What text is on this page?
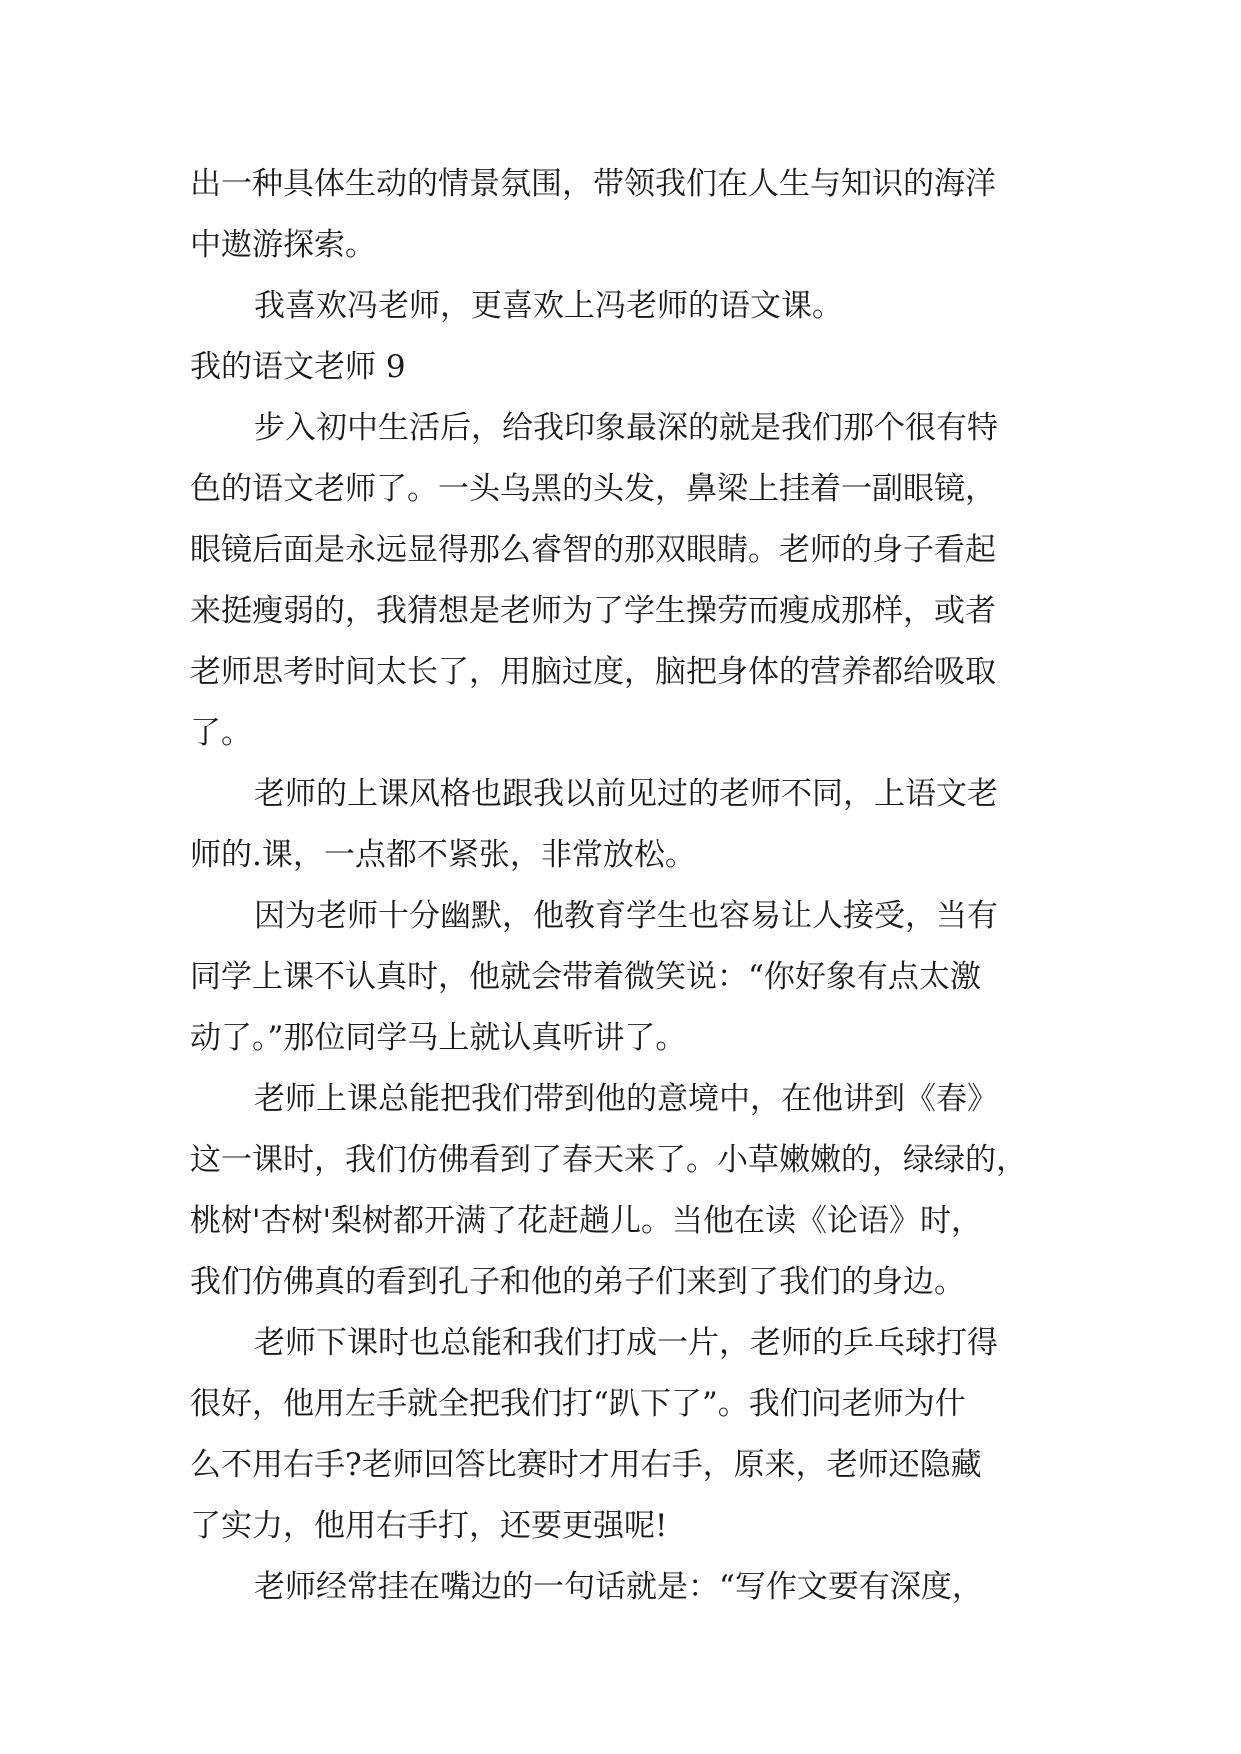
出一种具体生动的情景氛围，带领我们在人生与知识的海洋
中遨游探索。
我喜欢冯老师，更喜欢上冯老师的语文课。
我的语文老师 9
步入初中生活后，给我印象最深的就是我们那个很有特
色的语文老师了。一头乌黑的头发，鼻梁上挂着一副眼镜，
眼镜后面是永远显得那么睿智的那双眼睛。老师的身子看起
来挺瘦弱的，我猜想是老师为了学生操劳而瘦成那样，或者
老师思考时间太长了，用脑过度，脑把身体的营养都给吸取
了。
老师的上课风格也跟我以前见过的老师不同，上语文老
师的.课，一点都不紧张，非常放松。
因为老师十分幽默，他教育学生也容易让人接受，当有
同学上课不认真时，他就会带着微笑说：“你好象有点太激
动了。”那位同学马上就认真听讲了。
老师上课总能把我们带到他的意境中，在他讲到《春》
这一课时，我们仿佛看到了春天来了。小草嫩嫩的，绿绿的，
桃树'杏树'梨树都开满了花赶趟儿。当他在读《论语》时，
我们仿佛真的看到孔子和他的弟子们来到了我们的身边。
老师下课时也总能和我们打成一片，老师的乒乓球打得
很好，他用左手就全把我们打“趴下了”。我们问老师为什
么不用右手?老师回答比赛时才用右手，原来，老师还隐藏
了实力，他用右手打，还要更强呢!
老师经常挂在嘴边的一句话就是：“写作文要有深度，
